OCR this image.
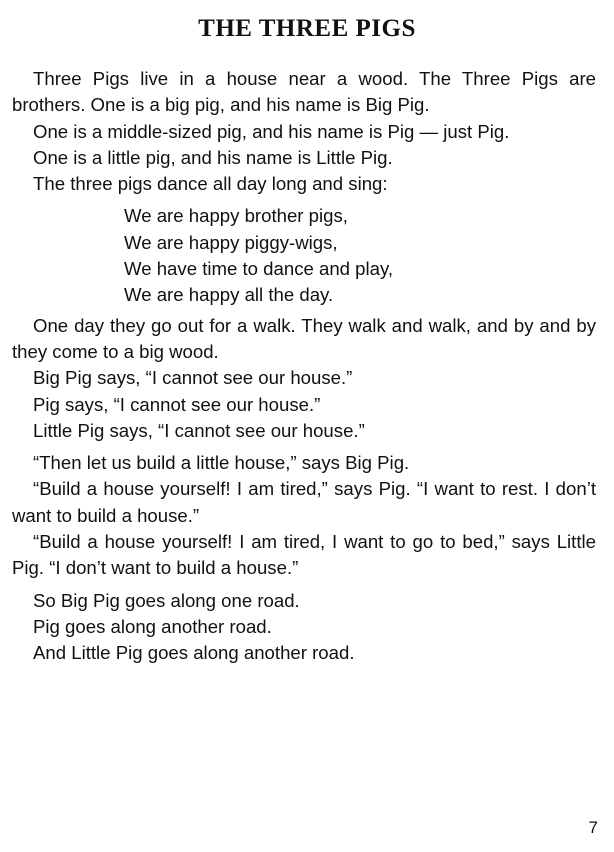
THE THREE PIGS

Three Pigs live in a house near a wood. The Three Pigs are brothers. One is a big pig, and his name is Big Pig.

One is a middle-sized pig, and his name is Pig — just Pig.

One is a little pig, and his name is Little Pig.

The three pigs dance all day long and sing:

We are happy brother pigs,
We are happy piggy-wigs,
We have time to dance and play,
We are happy all the day.

One day they go out for a walk. They walk and walk, and by and by they come to a big wood.

Big Pig says, “I cannot see our house.”

Pig says, “I cannot see our house.”

Little Pig says, “I cannot see our house.”

“Then let us build a little house,” says Big Pig.

“Build a house yourself! I am tired,” says Pig. “I want to rest. I don’t want to build a house.”

“Build a house yourself! I am tired, I want to go to bed,” says Little Pig. “I don’t want to build a house.”

So Big Pig goes along one road.

Pig goes along another road.

And Little Pig goes along another road.

7
